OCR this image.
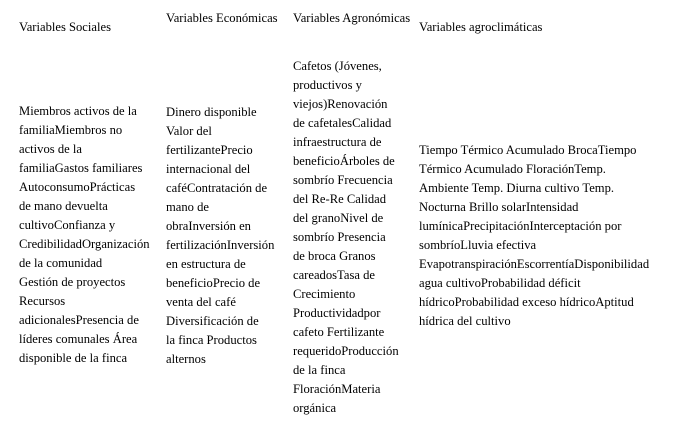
Variables Sociales
Miembros activos de la
familiaMiembros no
activos de la
familiaGastos familiares
AutoconsumoPrácticas
de mano devuelta
cultivoConfianza y
CredibilidadOrganización
de la comunidad
Gestión de proyectos
Recursos
adicionalesPresencia de
líderes comunales Área
disponible de la finca
Variables Económicas
Dinero disponible
Valor del
fertilizantePrecio
internacional del
caféContratación de
mano de
obraInversión en
fertilizaciónInversión
en estructura de
beneficioPrecio de
venta del café
Diversificación de
la finca Productos
alternos
Variables Agronómicas
Cafetos (Jóvenes,
productivos y
viejos)Renovación
de cafetalesCalidad
infraestructura de
beneficioÁrboles de
sombrío Frecuencia
del Re-Re Calidad
del granoNivel de
sombrío Presencia
de broca Granos
careadosTasa de
Crecimiento
Productividadpor
cafeto Fertilizante
requeridoProducción
de la finca
FloraciónMateria
orgánica
Variables agroclimáticas
Tiempo Térmico Acumulado BrocaTiempo
Térmico Acumulado FloraciónTemp.
Ambiente Temp. Diurna cultivo Temp.
Nocturna Brillo solarIntensidad
lumínicaPrecipitaciónInterceptación por
sombríoLluvia efectiva
EvapotranspiraciónEscorrentíaDisponibilidad
agua cultivoProbabilidad déficit
hídricoProbabilidad exceso hídricoAptitud
hídrica del cultivo
